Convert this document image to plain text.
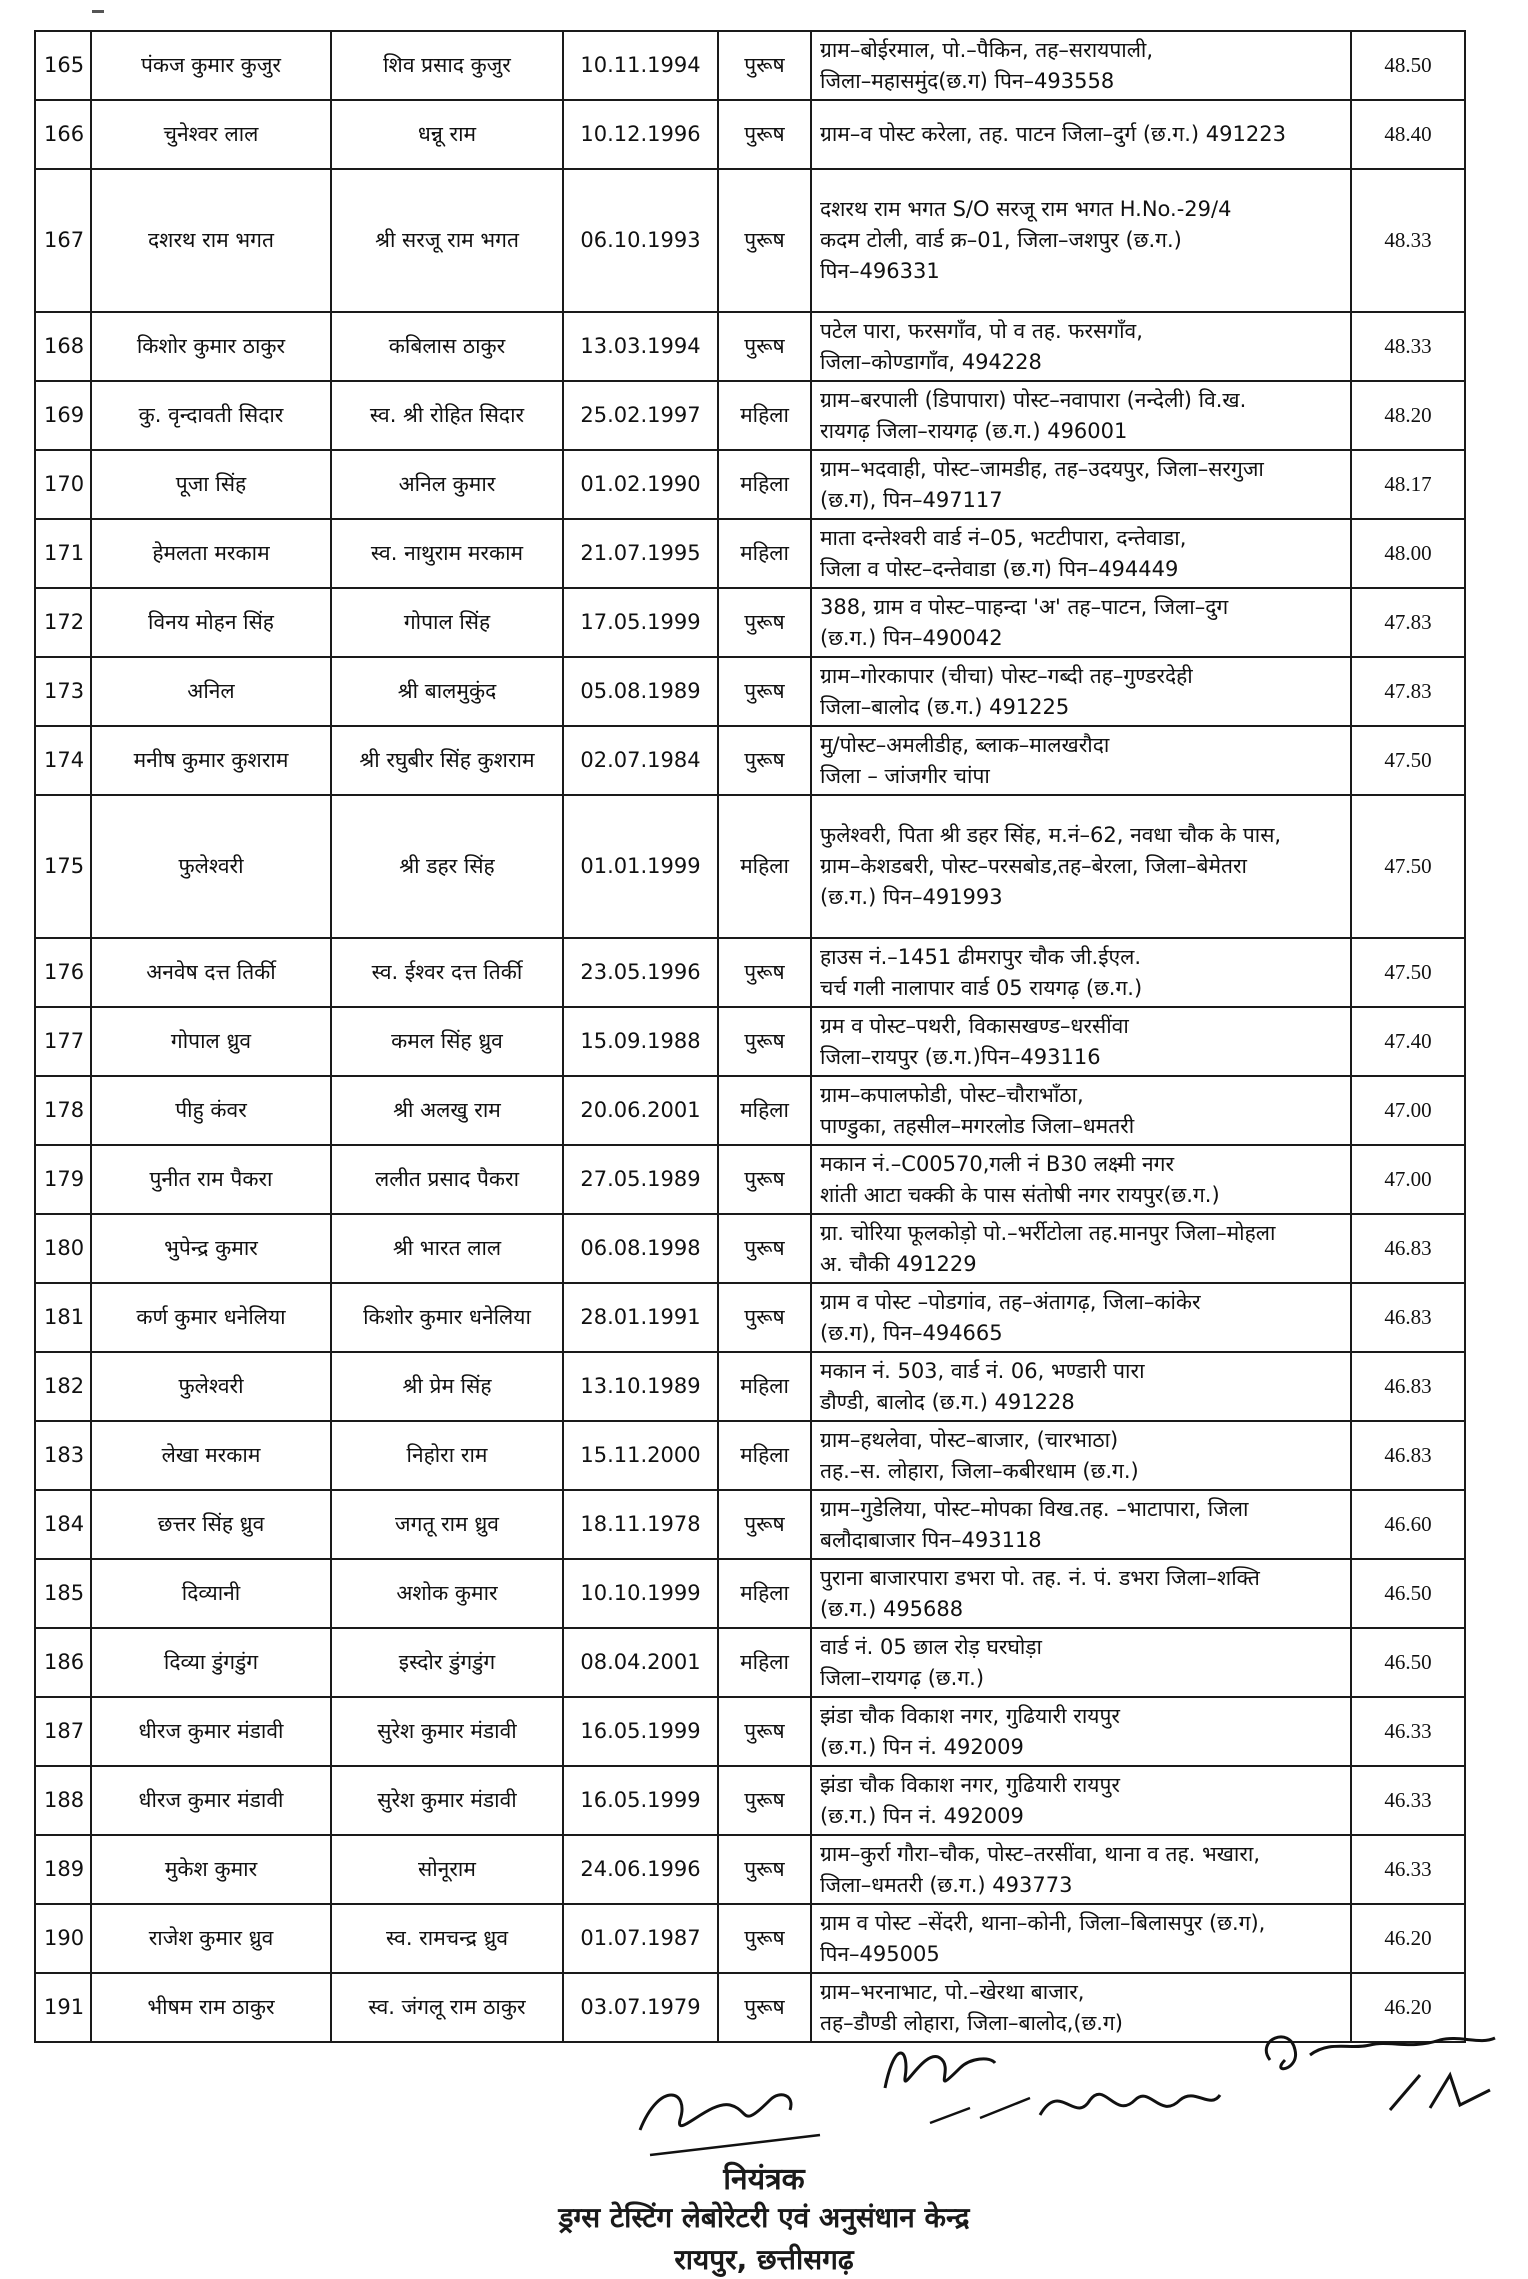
165	पंकज कुमार कुजुर	शिव प्रसाद कुजुर	10.11.1994	पुरूष	ग्राम–बोईरमाल, पो.–पैकिन, तह–सरायपाली,
जिला–महासमुंद(छ.ग) पिन–493558	48.50
166	चुनेश्वर लाल	धन्नू राम	10.12.1996	पुरूष	ग्राम–व पोस्ट करेला, तह. पाटन जिला–दुर्ग (छ.ग.) 491223	48.40
167	दशरथ राम भगत	श्री सरजू राम भगत	06.10.1993	पुरूष	दशरथ राम भगत S/O सरजू राम भगत H.No.-29/4
कदम टोली, वार्ड क्र–01, जिला–जशपुर (छ.ग.)
पिन–496331	48.33
168	किशोर कुमार ठाकुर	कबिलास ठाकुर	13.03.1994	पुरूष	पटेल पारा, फरसगाँव, पो व तह. फरसगाँव,
जिला–कोण्डागाँव, 494228	48.33
169	कु. वृन्दावती सिदार	स्व. श्री रोहित सिदार	25.02.1997	महिला	ग्राम–बरपाली (डिपापारा) पोस्ट–नवापारा (नन्देली) वि.ख.
रायगढ़ जिला–रायगढ़ (छ.ग.) 496001	48.20
170	पूजा सिंह	अनिल कुमार	01.02.1990	महिला	ग्राम–भदवाही, पोस्ट–जामडीह, तह–उदयपुर, जिला–सरगुजा
(छ.ग), पिन–497117	48.17
171	हेमलता मरकाम	स्व. नाथुराम मरकाम	21.07.1995	महिला	माता दन्तेश्वरी वार्ड नं–05, भटटीपारा, दन्तेवाडा,
जिला व पोस्ट–दन्तेवाडा (छ.ग) पिन–494449	48.00
172	विनय मोहन सिंह	गोपाल सिंह	17.05.1999	पुरूष	388, ग्राम व पोस्ट–पाहन्दा 'अ' तह–पाटन, जिला–दुग
(छ.ग.) पिन–490042	47.83
173	अनिल	श्री बालमुकुंद	05.08.1989	पुरूष	ग्राम–गोरकापार (चीचा) पोस्ट–गब्दी तह–गुण्डरदेही
जिला–बालोद (छ.ग.) 491225	47.83
174	मनीष कुमार कुशराम	श्री रघुबीर सिंह कुशराम	02.07.1984	पुरूष	मु/पोस्ट–अमलीडीह, ब्लाक–मालखरौदा
जिला – जांजगीर चांपा	47.50
175	फुलेश्वरी	श्री डहर सिंह	01.01.1999	महिला	फुलेश्वरी, पिता श्री डहर सिंह, म.नं–62, नवधा चौक के पास,
ग्राम–केशडबरी, पोस्ट–परसबोड,तह–बेरला, जिला–बेमेतरा
(छ.ग.) पिन–491993	47.50
176	अनवेष दत्त तिर्की	स्व. ईश्वर दत्त तिर्की	23.05.1996	पुरूष	हाउस नं.–1451 ढीमरापुर चौक जी.ईएल.
चर्च गली नालापार वार्ड 05 रायगढ़ (छ.ग.)	47.50
177	गोपाल ध्रुव	कमल सिंह ध्रुव	15.09.1988	पुरूष	ग्रम व पोस्ट–पथरी, विकासखण्ड–धरसींवा
जिला–रायपुर (छ.ग.)पिन–493116	47.40
178	पीहु कंवर	श्री अलखु राम	20.06.2001	महिला	ग्राम–कपालफोडी, पोस्ट–चौराभाँठा,
पाण्डुका, तहसील–मगरलोड जिला–धमतरी	47.00
179	पुनीत राम पैकरा	ललीत प्रसाद पैकरा	27.05.1989	पुरूष	मकान नं.–C00570,गली नं B30 लक्ष्मी नगर
शांती आटा चक्की के पास संतोषी नगर रायपुर(छ.ग.)	47.00
180	भुपेन्द्र कुमार	श्री भारत लाल	06.08.1998	पुरूष	ग्रा. चोरिया फूलकोड़ो पो.–भर्रीटोला तह.मानपुर जिला–मोहला
अ. चौकी 491229	46.83
181	कर्ण कुमार धनेलिया	किशोर कुमार धनेलिया	28.01.1991	पुरूष	ग्राम व पोस्ट –पोडगांव, तह–अंतागढ़, जिला–कांकेर
(छ.ग), पिन–494665	46.83
182	फुलेश्वरी	श्री प्रेम सिंह	13.10.1989	महिला	मकान नं. 503, वार्ड नं. 06, भण्डारी पारा
डौण्डी, बालोद (छ.ग.) 491228	46.83
183	लेखा मरकाम	निहोरा राम	15.11.2000	महिला	ग्राम–हथलेवा, पोस्ट–बाजार, (चारभाठा)
तह.–स. लोहारा, जिला–कबीरधाम (छ.ग.)	46.83
184	छत्तर सिंह ध्रुव	जगतू राम ध्रुव	18.11.1978	पुरूष	ग्राम–गुडेलिया, पोस्ट–मोपका विख.तह. –भाटापारा, जिला
बलौदाबाजार पिन–493118	46.60
185	दिव्यानी	अशोक कुमार	10.10.1999	महिला	पुराना बाजारपारा डभरा पो. तह. नं. पं. डभरा जिला–शक्ति
(छ.ग.) 495688	46.50
186	दिव्या डुंगडुंग	इस्दोर डुंगडुंग	08.04.2001	महिला	वार्ड नं. 05 छाल रोड़ घरघोड़ा
जिला–रायगढ़ (छ.ग.)	46.50
187	धीरज कुमार मंडावी	सुरेश कुमार मंडावी	16.05.1999	पुरूष	झंडा चौक विकाश नगर, गुढियारी रायपुर
(छ.ग.) पिन नं. 492009	46.33
188	धीरज कुमार मंडावी	सुरेश कुमार मंडावी	16.05.1999	पुरूष	झंडा चौक विकाश नगर, गुढियारी रायपुर
(छ.ग.) पिन नं. 492009	46.33
189	मुकेश कुमार	सोनूराम	24.06.1996	पुरूष	ग्राम–कुर्रा गौरा–चौक, पोस्ट–तरसींवा, थाना व तह. भखारा,
जिला–धमतरी (छ.ग.) 493773	46.33
190	राजेश कुमार ध्रुव	स्व. रामचन्द्र ध्रुव	01.07.1987	पुरूष	ग्राम व पोस्ट –सेंदरी, थाना–कोनी, जिला–बिलासपुर (छ.ग),
पिन–495005	46.20
191	भीषम राम ठाकुर	स्व. जंगलू राम ठाकुर	03.07.1979	पुरूष	ग्राम–भरनाभाट, पो.–खेरथा बाजार,
तह–डौण्डी लोहारा, जिला–बालोद,(छ.ग)	46.20
नियंत्रक
ड्रग्स टेस्टिंग लेबोरेटरी एवं अनुसंधान केन्द्र
रायपुर, छत्तीसगढ़
